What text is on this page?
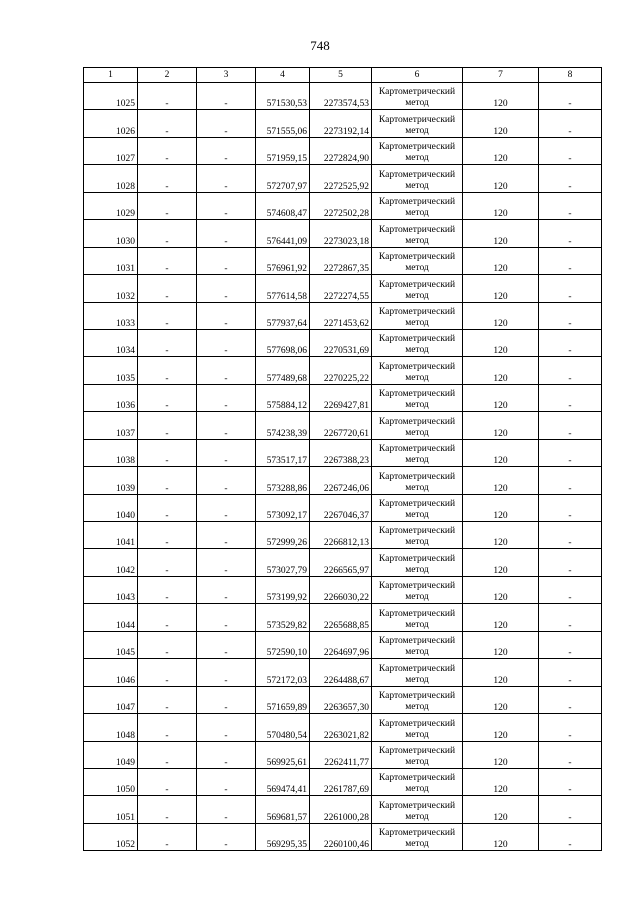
748
1	2	3	4	5	6	7	8
1025	-	-	571530,53	2273574,53	Картометрический
метод	120	-
1026	-	-	571555,06	2273192,14	Картометрический
метод	120	-
1027	-	-	571959,15	2272824,90	Картометрический
метод	120	-
1028	-	-	572707,97	2272525,92	Картометрический
метод	120	-
1029	-	-	574608,47	2272502,28	Картометрический
метод	120	-
1030	-	-	576441,09	2273023,18	Картометрический
метод	120	-
1031	-	-	576961,92	2272867,35	Картометрический
метод	120	-
1032	-	-	577614,58	2272274,55	Картометрический
метод	120	-
1033	-	-	577937,64	2271453,62	Картометрический
метод	120	-
1034	-	-	577698,06	2270531,69	Картометрический
метод	120	-
1035	-	-	577489,68	2270225,22	Картометрический
метод	120	-
1036	-	-	575884,12	2269427,81	Картометрический
метод	120	-
1037	-	-	574238,39	2267720,61	Картометрический
метод	120	-
1038	-	-	573517,17	2267388,23	Картометрический
метод	120	-
1039	-	-	573288,86	2267246,06	Картометрический
метод	120	-
1040	-	-	573092,17	2267046,37	Картометрический
метод	120	-
1041	-	-	572999,26	2266812,13	Картометрический
метод	120	-
1042	-	-	573027,79	2266565,97	Картометрический
метод	120	-
1043	-	-	573199,92	2266030,22	Картометрический
метод	120	-
1044	-	-	573529,82	2265688,85	Картометрический
метод	120	-
1045	-	-	572590,10	2264697,96	Картометрический
метод	120	-
1046	-	-	572172,03	2264488,67	Картометрический
метод	120	-
1047	-	-	571659,89	2263657,30	Картометрический
метод	120	-
1048	-	-	570480,54	2263021,82	Картометрический
метод	120	-
1049	-	-	569925,61	2262411,77	Картометрический
метод	120	-
1050	-	-	569474,41	2261787,69	Картометрический
метод	120	-
1051	-	-	569681,57	2261000,28	Картометрический
метод	120	-
1052	-	-	569295,35	2260100,46	Картометрический
метод	120	-
